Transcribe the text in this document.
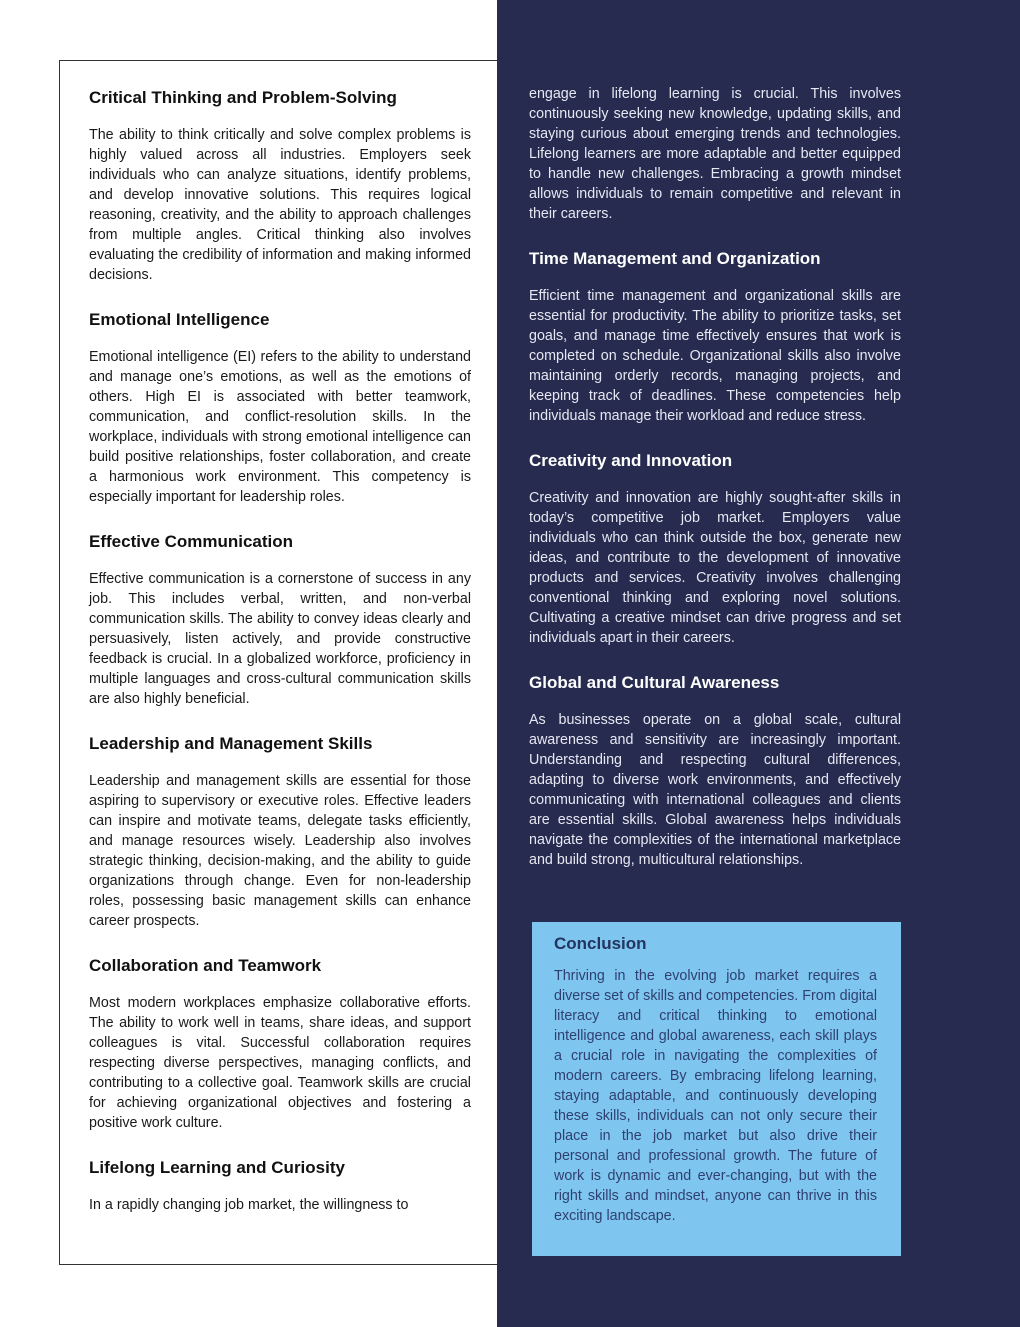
Critical Thinking and Problem-Solving

The ability to think critically and solve complex problems is highly valued across all industries. Employers seek individuals who can analyze situations, identify problems, and develop innovative solutions. This requires logical reasoning, creativity, and the ability to approach challenges from multiple angles. Critical thinking also involves evaluating the credibility of information and making informed decisions.

Emotional Intelligence

Emotional intelligence (EI) refers to the ability to understand and manage one’s emotions, as well as the emotions of others. High EI is associated with better teamwork, communication, and conflict-resolution skills. In the workplace, individuals with strong emotional intelligence can build positive relationships, foster collaboration, and create a harmonious work environment. This competency is especially important for leadership roles.

Effective Communication

Effective communication is a cornerstone of success in any job. This includes verbal, written, and non-verbal communication skills. The ability to convey ideas clearly and persuasively, listen actively, and provide constructive feedback is crucial. In a globalized workforce, proficiency in multiple languages and cross-cultural communication skills are also highly beneficial.

Leadership and Management Skills

Leadership and management skills are essential for those aspiring to supervisory or executive roles. Effective leaders can inspire and motivate teams, delegate tasks efficiently, and manage resources wisely. Leadership also involves strategic thinking, decision-making, and the ability to guide organizations through change. Even for non-leadership roles, possessing basic management skills can enhance career prospects.

Collaboration and Teamwork

Most modern workplaces emphasize collaborative efforts. The ability to work well in teams, share ideas, and support colleagues is vital. Successful collaboration requires respecting diverse perspectives, managing conflicts, and contributing to a collective goal. Teamwork skills are crucial for achieving organizational objectives and fostering a positive work culture.

Lifelong Learning and Curiosity

In a rapidly changing job market, the willingness to

engage in lifelong learning is crucial. This involves continuously seeking new knowledge, updating skills, and staying curious about emerging trends and technologies. Lifelong learners are more adaptable and better equipped to handle new challenges. Embracing a growth mindset allows individuals to remain competitive and relevant in their careers.

Time Management and Organization

Efficient time management and organizational skills are essential for productivity. The ability to prioritize tasks, set goals, and manage time effectively ensures that work is completed on schedule. Organizational skills also involve maintaining orderly records, managing projects, and keeping track of deadlines. These competencies help individuals manage their workload and reduce stress.

Creativity and Innovation

Creativity and innovation are highly sought-after skills in today’s competitive job market. Employers value individuals who can think outside the box, generate new ideas, and contribute to the development of innovative products and services. Creativity involves challenging conventional thinking and exploring novel solutions. Cultivating a creative mindset can drive progress and set individuals apart in their careers.

Global and Cultural Awareness

As businesses operate on a global scale, cultural awareness and sensitivity are increasingly important. Understanding and respecting cultural differences, adapting to diverse work environments, and effectively communicating with international colleagues and clients are essential skills. Global awareness helps individuals navigate the complexities of the international marketplace and build strong, multicultural relationships.

Conclusion

Thriving in the evolving job market requires a diverse set of skills and competencies. From digital literacy and critical thinking to emotional intelligence and global awareness, each skill plays a crucial role in navigating the complexities of modern careers. By embracing lifelong learning, staying adaptable, and continuously developing these skills, individuals can not only secure their place in the job market but also drive their personal and professional growth. The future of work is dynamic and ever-changing, but with the right skills and mindset, anyone can thrive in this exciting landscape.
